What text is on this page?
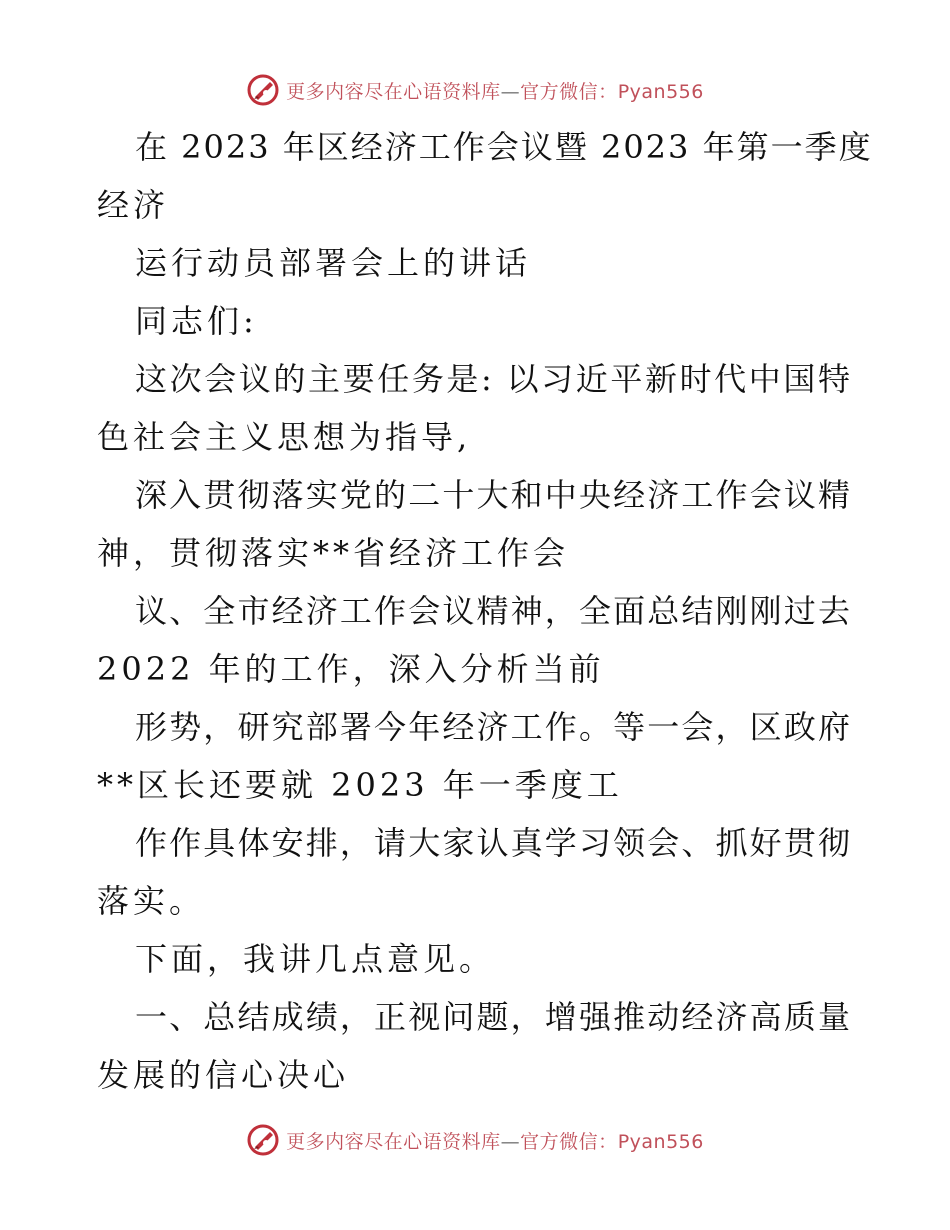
更多内容尽在心语资料库—官方微信：Pyan556
在 2023 年区经济工作会议暨 2023 年第一季度
经济
运行动员部署会上的讲话
同志们:
这次会议的主要任务是: 以习近平新时代中国特
色社会主义思想为指导,
深入贯彻落实党的二十大和中央经济工作会议精
神，贯彻落实**省经济工作会
议、全市经济工作会议精神，全面总结刚刚过去
2022 年的工作，深入分析当前
形势，研究部署今年经济工作。等一会，区政府
**区长还要就 2023 年一季度工
作作具体安排，请大家认真学习领会、抓好贯彻
落实。
下面，我讲几点意见。
一、总结成绩，正视问题，增强推动经济高质量
发展的信心决心
更多内容尽在心语资料库—官方微信：Pyan556
